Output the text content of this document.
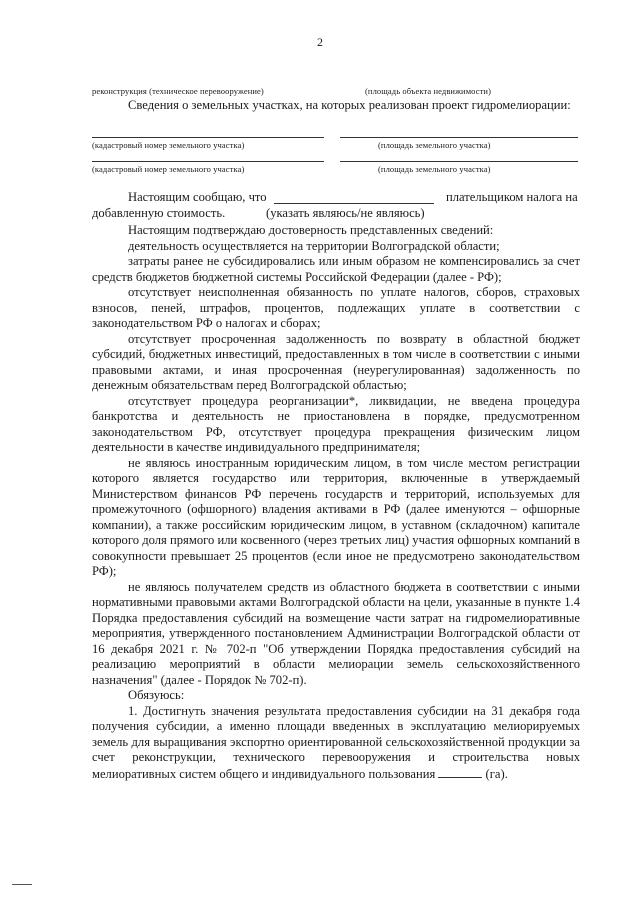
2
реконструкция (техническое перевооружение)	(площадь объекта недвижимости)
Сведения о земельных участках, на которых реализован проект гидромелиорации:
(кадастровый номер земельного участка)	(площадь земельного участка)
(кадастровый номер земельного участка)	(площадь земельного участка)
Настоящим сообщаю, что	плательщиком налога на
добавленную стоимость.	(указать являюсь/не являюсь)
Настоящим подтверждаю достоверность представленных сведений:
деятельность осуществляется на территории Волгоградской области;
затраты ранее не субсидировались или иным образом не компенсировались за счет средств бюджетов бюджетной системы Российской Федерации (далее - РФ);
отсутствует неисполненная обязанность по уплате налогов, сборов, страховых взносов, пеней, штрафов, процентов, подлежащих уплате в соответствии с законодательством РФ о налогах и сборах;
отсутствует просроченная задолженность по возврату в областной бюджет субсидий, бюджетных инвестиций, предоставленных в том числе в соответствии с иными правовыми актами, и иная просроченная (неурегулированная) задолженность по денежным обязательствам перед Волгоградской областью;
отсутствует процедура реорганизации*, ликвидации, не введена процедура банкротства и деятельность не приостановлена в порядке, предусмотренном законодательством РФ, отсутствует процедура прекращения физическим лицом деятельности в качестве индивидуального предпринимателя;
не являюсь иностранным юридическим лицом, в том числе местом регистрации которого является государство или территория, включенные в утверждаемый Министерством финансов РФ перечень государств и территорий, используемых для промежуточного (офшорного) владения активами в РФ (далее именуются – офшорные компании), а также российским юридическим лицом, в уставном (складочном) капитале которого доля прямого или косвенного (через третьих лиц) участия офшорных компаний в совокупности превышает 25 процентов (если иное не предусмотрено законодательством РФ);
не являюсь получателем средств из областного бюджета в соответствии с иными нормативными правовыми актами Волгоградской области на цели, указанные в пункте 1.4 Порядка предоставления субсидий на возмещение части затрат на гидромелиоративные мероприятия, утвержденного постановлением Администрации Волгоградской области от 16 декабря 2021 г. № 702-п "Об утверждении Порядка предоставления субсидий на реализацию мероприятий в области мелиорации земель сельскохозяйственного назначения" (далее - Порядок № 702-п).
Обязуюсь:
1. Достигнуть значения результата предоставления субсидии на 31 декабря года получения субсидии, а именно площади введенных в эксплуатацию мелиорируемых земель для выращивания экспортно ориентированной сельскохозяйственной продукции за счет реконструкции, технического перевооружения и строительства новых мелиоративных систем общего и индивидуального пользования	(га).
